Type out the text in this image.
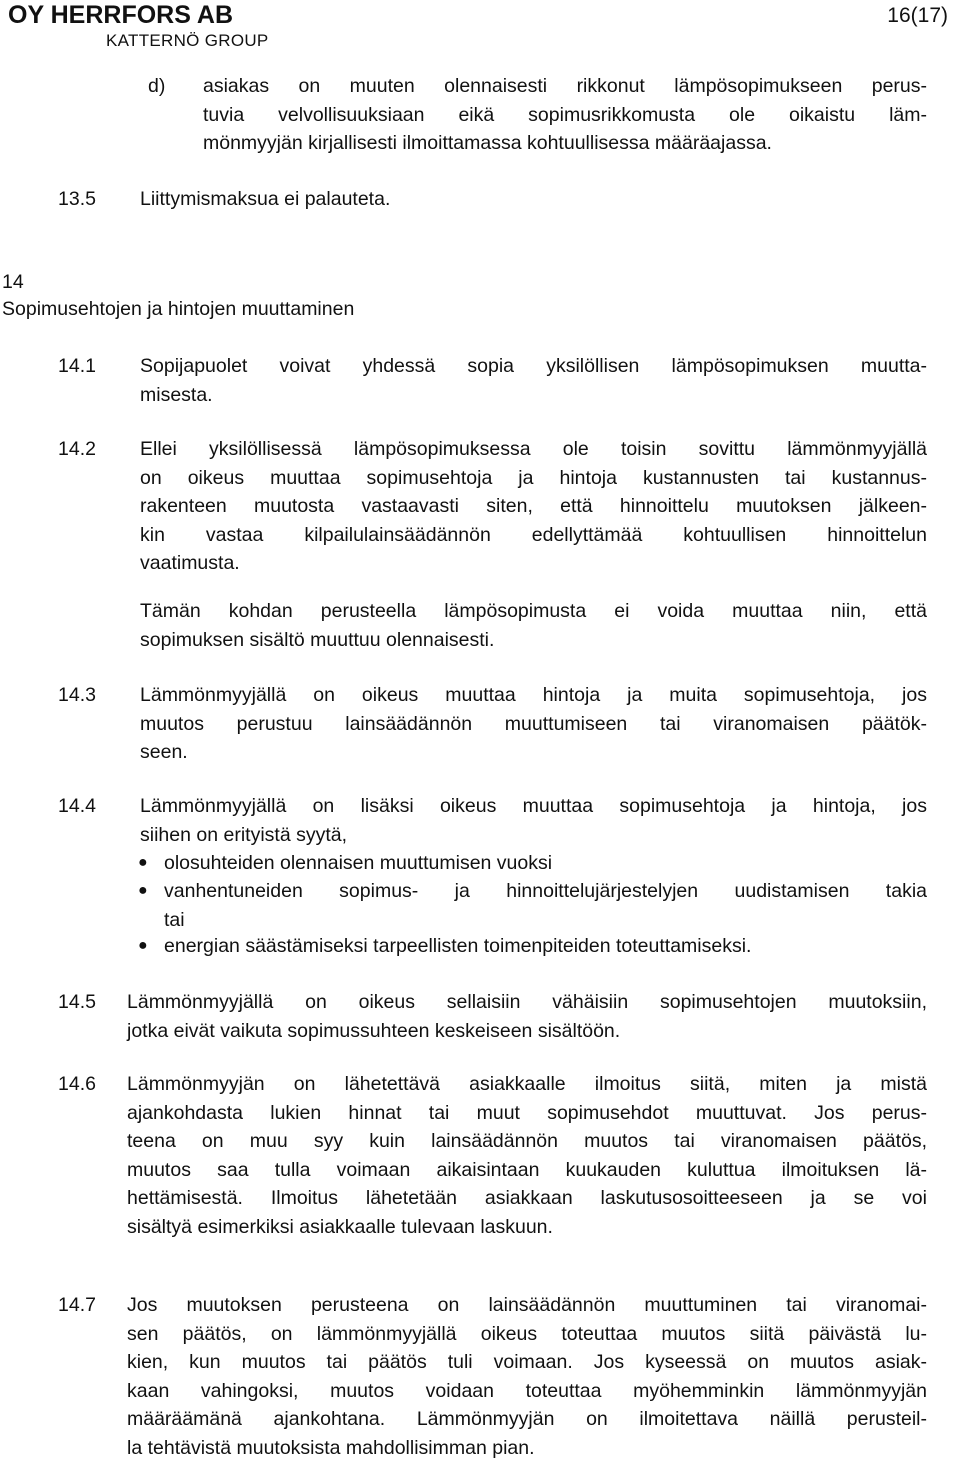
OY HERRFORS AB
KATTERNÖ GROUP
16(17)
d) asiakas on muuten olennaisesti rikkonut lämpösopimukseen perus-
tuvia velvollisuuksiaan eikä sopimusrikkomusta ole oikaistu läm-
mönmyyjän kirjallisesti ilmoittamassa kohtuullisessa määräajassa.
13.5 Liittymismaksua ei palauteta.
14
Sopimusehtojen ja hintojen muuttaminen
14.1 Sopijapuolet voivat yhdessä sopia yksilöllisen lämpösopimuksen muutta-
misesta.
14.2 Ellei yksilöllisessä lämpösopimuksessa ole toisin sovittu lämmönmyyjällä
on oikeus muuttaa sopimusehtoja ja hintoja kustannusten tai kustannus-
rakenteen muutosta vastaavasti siten, että hinnoittelu muutoksen jälkeen-
kin vastaa kilpailulainsäädännön edellyttämää kohtuullisen hinnoittelun
vaatimusta.
Tämän kohdan perusteella lämpösopimusta ei voida muuttaa niin, että
sopimuksen sisältö muuttuu olennaisesti.
14.3 Lämmönmyyjällä on oikeus muuttaa hintoja ja muita sopimusehtoja, jos
muutos perustuu lainsäädännön muuttumiseen tai viranomaisen päätök-
seen.
14.4 Lämmönmyyjällä on lisäksi oikeus muuttaa sopimusehtoja ja hintoja, jos
siihen on erityistä syytä,
● olosuhteiden olennaisen muuttumisen vuoksi
● vanhentuneiden sopimus- ja hinnoittelujärjestelyjen uudistamisen takia
tai
● energian säästämiseksi tarpeellisten toimenpiteiden toteuttamiseksi.
14.5 Lämmönmyyjällä on oikeus sellaisiin vähäisiin sopimusehtojen muutoksiin,
jotka eivät vaikuta sopimussuhteen keskeiseen sisältöön.
14.6 Lämmönmyyjän on lähetettävä asiakkaalle ilmoitus siitä, miten ja mistä
ajankohdasta lukien hinnat tai muut sopimusehdot muuttuvat. Jos perus-
teena on muu syy kuin lainsäädännön muutos tai viranomaisen päätös,
muutos saa tulla voimaan aikaisintaan kuukauden kuluttua ilmoituksen lä-
hettämisestä. Ilmoitus lähetetään asiakkaan laskutusosoitteeseen ja se voi
sisältyä esimerkiksi asiakkaalle tulevaan laskuun.
14.7 Jos muutoksen perusteena on lainsäädännön muuttuminen tai viranomai-
sen päätös, on lämmönmyyjällä oikeus toteuttaa muutos siitä päivästä lu-
kien, kun muutos tai päätös tuli voimaan. Jos kyseessä on muutos asiak-
kaan vahingoksi, muutos voidaan toteuttaa myöhemminkin lämmönmyyjän
määräämänä ajankohtana. Lämmönmyyjän on ilmoitettava näillä perusteil-
la tehtävistä muutoksista mahdollisimman pian.
